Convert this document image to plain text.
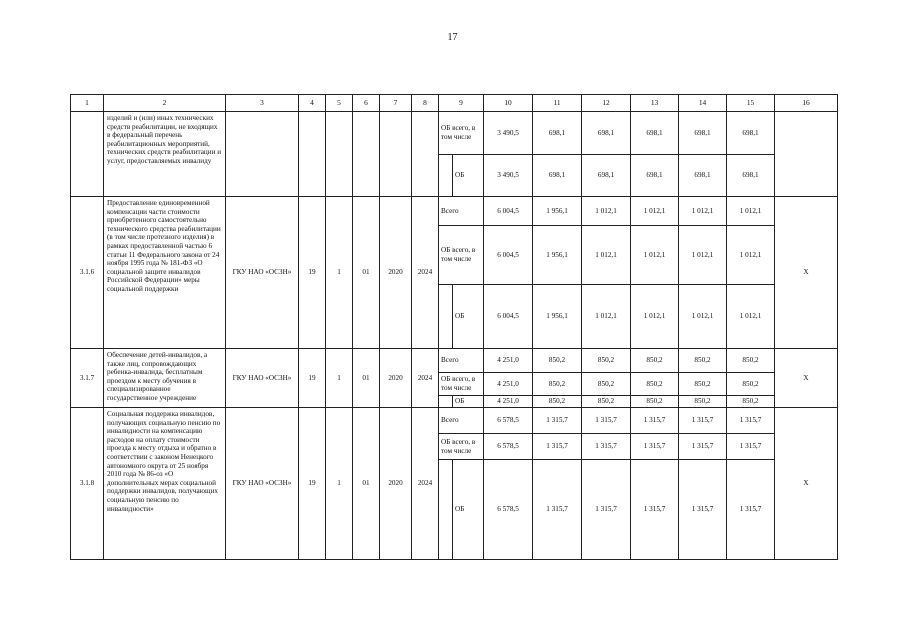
17
1	2	3	4	5	6	7	8	9		10	11	12	13	14	15	16
	изделий и (или) иных технических средств реабилитации, не входящих в федеральный перечень реабилитационных мероприятий, технических средств реабилитации и услуг, предоставляемых инвалиду							ОБ всего, в том числе		3 490,5	698,1	698,1	698,1	698,1	698,1	
									ОБ	3 490,5	698,1	698,1	698,1	698,1	698,1	
3.1.6	Предоставление единовременной компенсации части стоимости приобретенного самостоятельно технического средства реабилитации (в том числе протезного изделия) в рамках предоставленной частью 6 статьи 11 Федерального закона от 24 ноября 1995 года № 181-ФЗ «О социальной защите инвалидов Российской Федерации» меры социальной поддержки	ГКУ НАО «ОСЗН»	19	1	01	2020	2024	Всего		6 004,5	1 956,1	1 012,1	1 012,1	1 012,1	1 012,1	X
								ОБ всего, в том числе		6 004,5	1 956,1	1 012,1	1 012,1	1 012,1	1 012,1	
									ОБ	6 004,5	1 956,1	1 012,1	1 012,1	1 012,1	1 012,1	
3.1.7	Обеспечение детей-инвалидов, а также лиц, сопровождающих ребенка-инвалида, бесплатным проездом к месту обучения в специализированное государственное учреждение	ГКУ НАО «ОСЗН»	19	1	01	2020	2024	Всего		4 251,0	850,2	850,2	850,2	850,2	850,2	X
								ОБ всего, в том числе		4 251,0	850,2	850,2	850,2	850,2	850,2	
									ОБ	4 251,0	850,2	850,2	850,2	850,2	850,2	
3.1.8	Социальная поддержка инвалидов, получающих социальную пенсию по инвалидности на компенсацию расходов на оплату стоимости проезда к месту отдыха и обратно в соответствии с законом Ненецкого автономного округа от 25 ноября 2010 года № 86-оз «О дополнительных мерах социальной поддержки инвалидов, получающих социальную пенсию по инвалидности»	ГКУ НАО «ОСЗН»	19	1	01	2020	2024	Всего		6 578,5	1 315,7	1 315,7	1 315,7	1 315,7	1 315,7	X
								ОБ всего, в том числе		6 578,5	1 315,7	1 315,7	1 315,7	1 315,7	1 315,7	
									ОБ	6 578,5	1 315,7	1 315,7	1 315,7	1 315,7	1 315,7	
